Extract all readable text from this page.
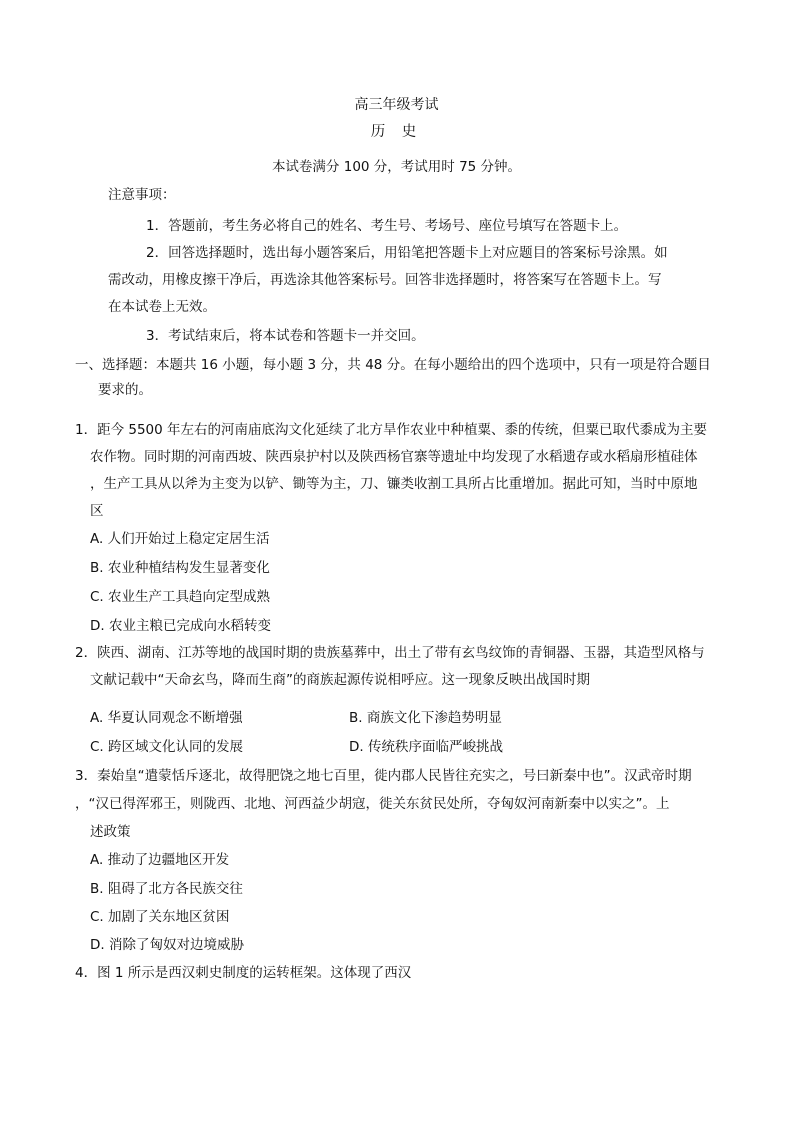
高三年级考试
历 史
本试卷满分 100 分，考试用时 75 分钟。
注意事项：
1．答题前，考生务必将自己的姓名、考生号、考场号、座位号填写在答题卡上。
2．回答选择题时，选出每小题答案后，用铅笔把答题卡上对应题目的答案标号涂黑。如
需改动，用橡皮擦干净后，再选涂其他答案标号。回答非选择题时，将答案写在答题卡上。写
在本试卷上无效。
3．考试结束后，将本试卷和答题卡一并交回。
一、选择题：本题共 16 小题，每小题 3 分，共 48 分。在每小题给出的四个选项中，只有一项是符合题目
要求的。
1．距今 5500 年左右的河南庙底沟文化延续了北方旱作农业中种植粟、黍的传统，但粟已取代黍成为主要
农作物。同时期的河南西坡、陕西泉护村以及陕西杨官寨等遗址中均发现了水稻遗存或水稻扇形植硅体
，生产工具从以斧为主变为以铲、锄等为主，刀、镰类收割工具所占比重增加。据此可知，当时中原地
区
A. 人们开始过上稳定定居生活
B. 农业种植结构发生显著变化
C. 农业生产工具趋向定型成熟
D. 农业主粮已完成向水稻转变
2．陕西、湖南、江苏等地的战国时期的贵族墓葬中，出土了带有玄鸟纹饰的青铜器、玉器，其造型风格与
文献记载中“天命玄鸟，降而生商”的商族起源传说相呼应。这一现象反映出战国时期
A. 华夏认同观念不断增强	B. 商族文化下渗趋势明显
C. 跨区域文化认同的发展	D. 传统秩序面临严峻挑战
3．秦始皇“遣蒙恬斥逐北，故得肥饶之地七百里，徙内郡人民皆往充实之，号曰新秦中也”。汉武帝时期
，“汉已得浑邪王，则陇西、北地、河西益少胡寇，徙关东贫民处所，夺匈奴河南新秦中以实之”。上
述政策
A. 推动了边疆地区开发
B. 阻碍了北方各民族交往
C. 加剧了关东地区贫困
D. 消除了匈奴对边境威胁
4．图 1 所示是西汉刺史制度的运转框架。这体现了西汉
